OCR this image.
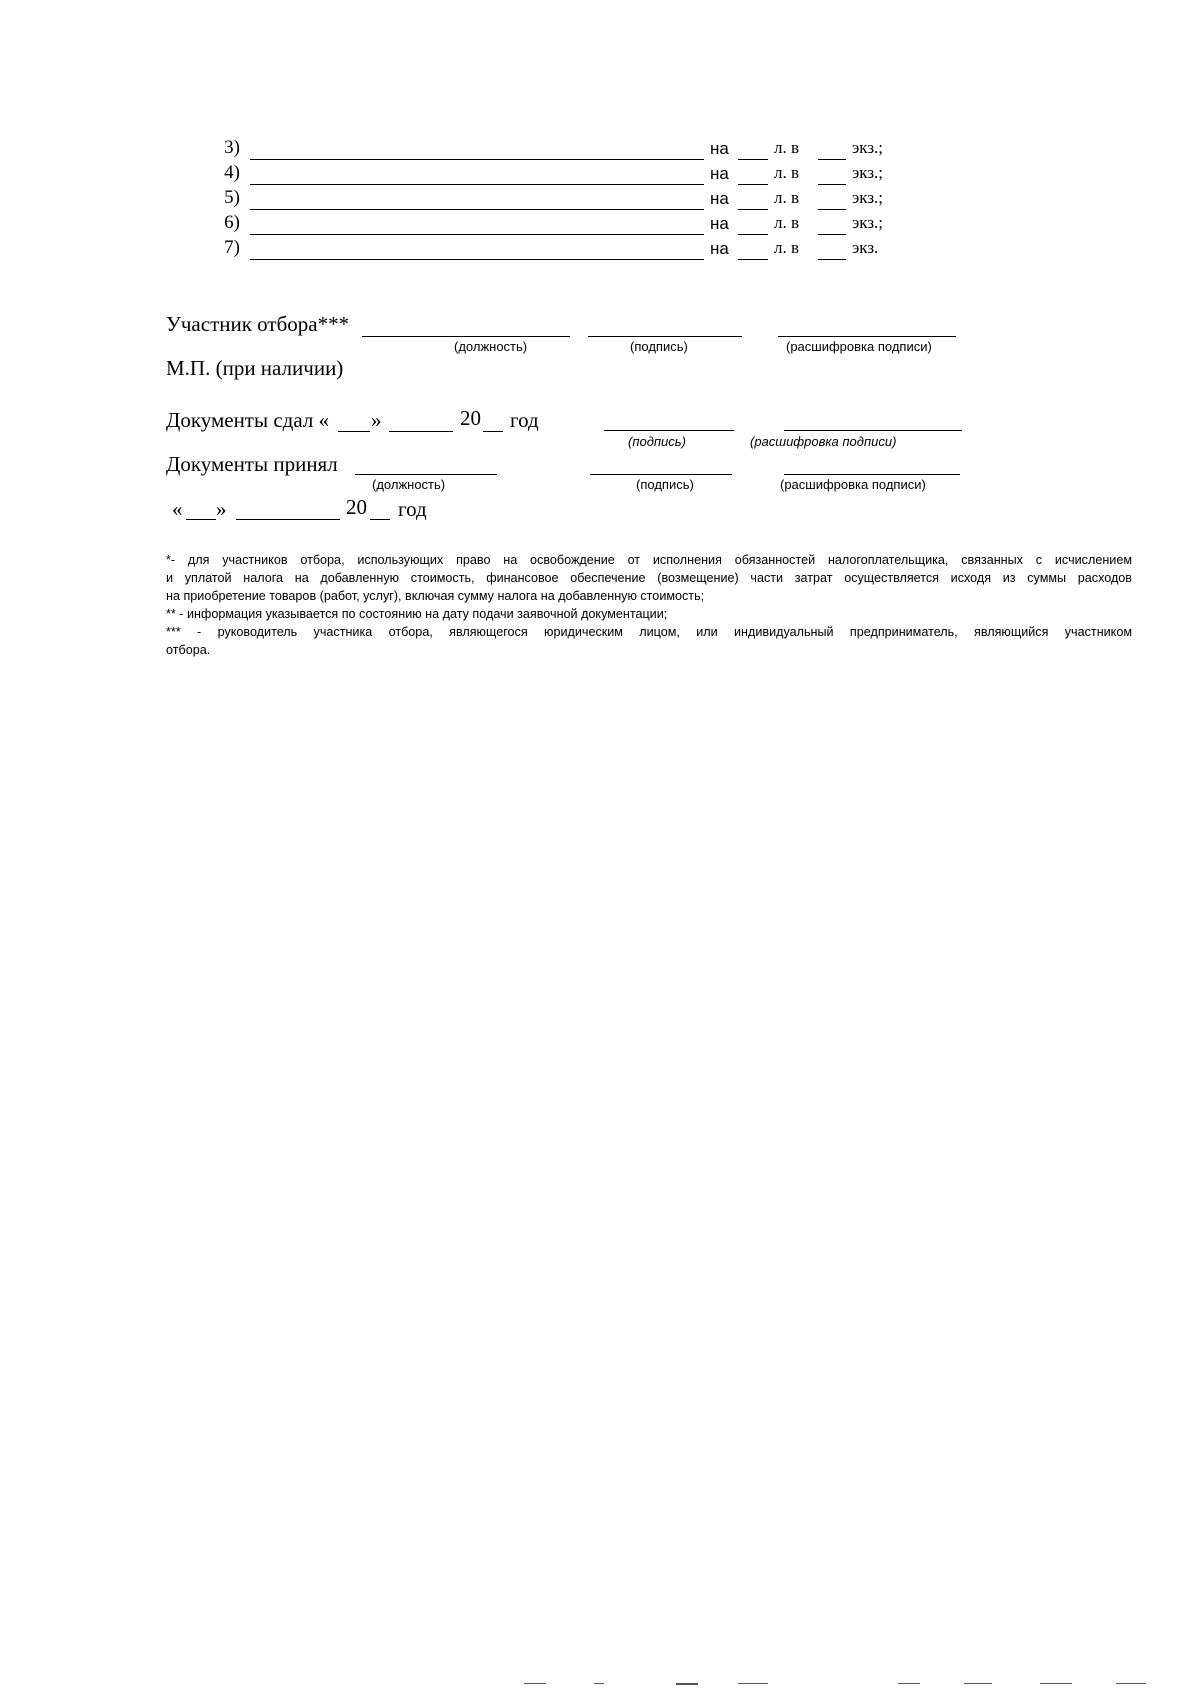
3)	на	л. в	экз.;
4)	на	л. в	экз.;
5)	на	л. в	экз.;
6)	на	л. в	экз.;
7)	на	л. в	экз.
Участник отбора***
(должность)	(подпись)	(расшифровка подписи)
М.П. (при наличии)
Документы сдал « »	20 год
(подпись)	(расшифровка подписи)
Документы принял
(должность)	(подпись)	(расшифровка подписи)
« »	20 год

*- для участников отбора, использующих право на освобождение от исполнения обязанностей налогоплательщика, связанных с исчислением

и уплатой налога на добавленную стоимость, финансовое обеспечение (возмещение) части затрат осуществляется исходя из суммы расходов

на приобретение товаров (работ, услуг), включая сумму налога на добавленную стоимость;

** - информация указывается по состоянию на дату подачи заявочной документации;

*** - руководитель участника отбора, являющегося юридическим лицом, или индивидуальный предприниматель, являющийся участником

отбора.
